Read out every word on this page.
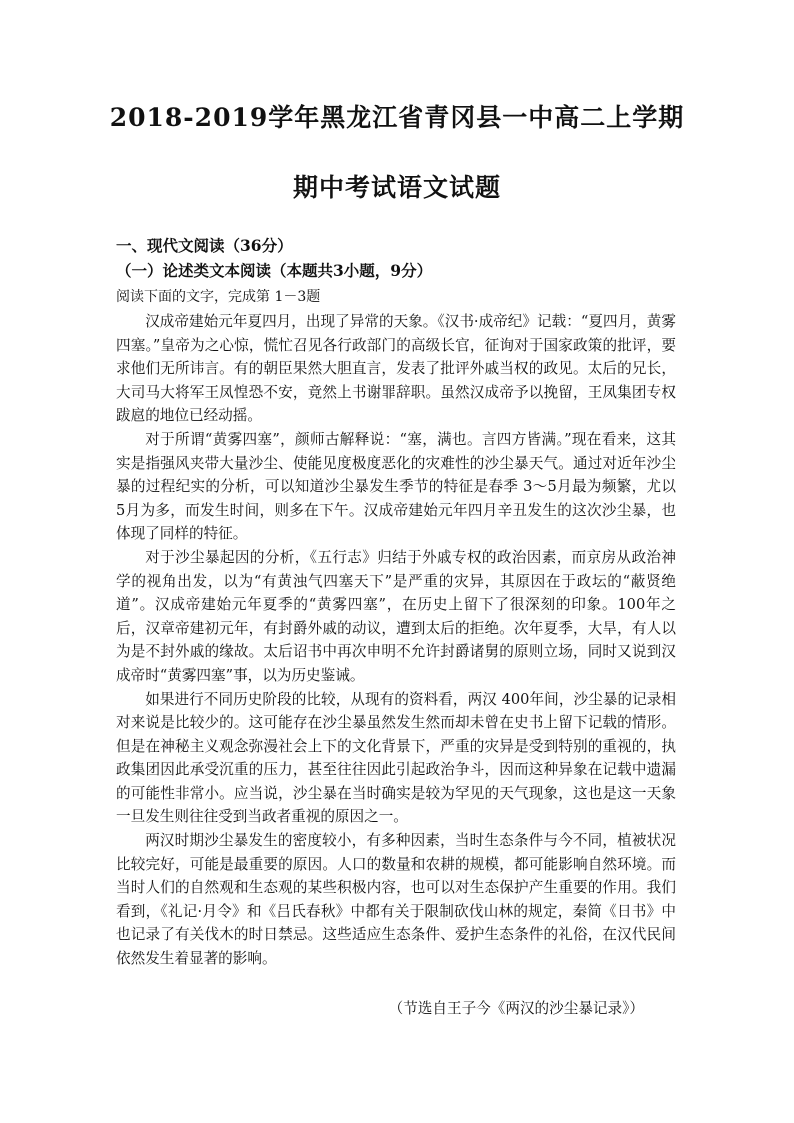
2018-2019学年黑龙江省青冈县一中高二上学期
期中考试语文试题
一、现代文阅读（36分）
（一）论述类文本阅读（本题共3小题，9分）
阅读下面的文字，完成第 1－3题

汉成帝建始元年夏四月，出现了异常的天象。《汉书·成帝纪》记载：“夏四月，黄雾四塞。”皇帝为之心惊，慌忙召见各行政部门的高级长官，征询对于国家政策的批评，要求他们无所讳言。有的朝臣果然大胆直言，发表了批评外戚当权的政见。太后的兄长，大司马大将军王凤惶恐不安，竟然上书谢罪辞职。虽然汉成帝予以挽留，王凤集团专权跋扈的地位已经动摇。

对于所谓“黄雾四塞”，颜师古解释说：“塞，满也。言四方皆满。”现在看来，这其实是指强风夹带大量沙尘、使能见度极度恶化的灾难性的沙尘暴天气。通过对近年沙尘暴的过程纪实的分析，可以知道沙尘暴发生季节的特征是春季 3～5月最为频繁，尤以 5月为多，而发生时间，则多在下午。汉成帝建始元年四月辛丑发生的这次沙尘暴，也体现了同样的特征。

对于沙尘暴起因的分析，《五行志》归结于外戚专权的政治因素，而京房从政治神学的视角出发，以为“有黄浊气四塞天下”是严重的灾异，其原因在于政坛的“蔽贤绝道”。汉成帝建始元年夏季的“黄雾四塞”，在历史上留下了很深刻的印象。100年之后，汉章帝建初元年，有封爵外戚的动议，遭到太后的拒绝。次年夏季，大旱，有人以为是不封外戚的缘故。太后诏书中再次申明不允许封爵诸舅的原则立场，同时又说到汉成帝时“黄雾四塞”事，以为历史鉴诫。

如果进行不同历史阶段的比较，从现有的资料看，两汉 400年间，沙尘暴的记录相对来说是比较少的。这可能存在沙尘暴虽然发生然而却未曾在史书上留下记载的情形。但是在神秘主义观念弥漫社会上下的文化背景下，严重的灾异是受到特别的重视的，执政集团因此承受沉重的压力，甚至往往因此引起政治争斗，因而这种异象在记载中遗漏的可能性非常小。应当说，沙尘暴在当时确实是较为罕见的天气现象，这也是这一天象一旦发生则往往受到当政者重视的原因之一。

两汉时期沙尘暴发生的密度较小，有多种因素，当时生态条件与今不同，植被状况比较完好，可能是最重要的原因。人口的数量和农耕的规模，都可能影响自然环境。而当时人们的自然观和生态观的某些积极内容，也可以对生态保护产生重要的作用。我们看到，《礼记·月令》和《吕氏春秋》中都有关于限制砍伐山林的规定，秦简《日书》中也记录了有关伐木的时日禁忌。这些适应生态条件、爱护生态条件的礼俗，在汉代民间依然发生着显著的影响。

（节选自王子今《两汉的沙尘暴记录》）
